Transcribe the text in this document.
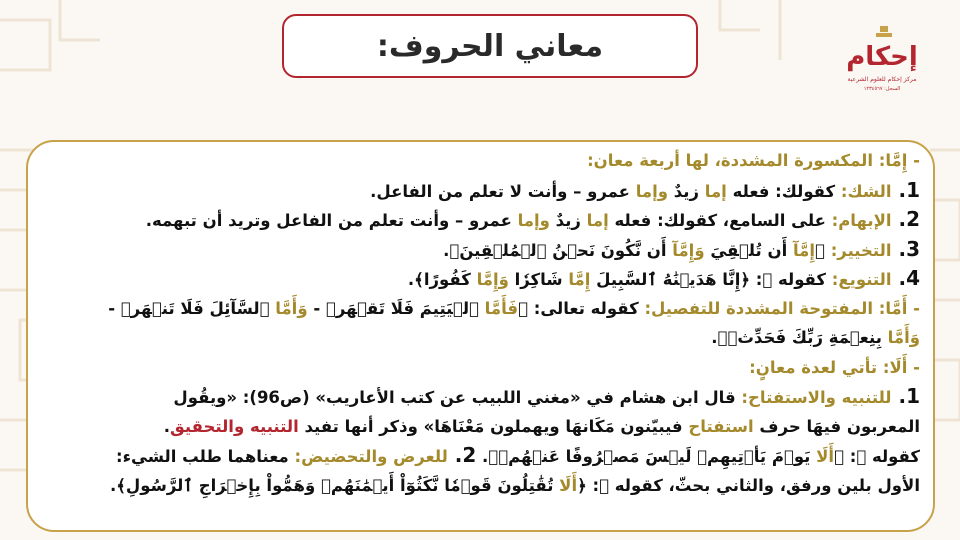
معاني الحروف:	إحكام
مركز إحكام للعلوم الشرعية
السجل: ١٢٣٤٥٦٧
- إِمَّا: المكسورة المشددة، لها أربعة معان:
1. الشك: كقولك: فعله إما زيدٌ وإما عمرو – وأنت لا تعلم من الفاعل.
2. الإبهام: على السامع، كقولك: فعله إما زيدٌ وإما عمرو – وأنت تعلم من الفاعل وتريد أن تبهمه.
3. التخيير: ﴿إِمَّآ أَن تُلۡقِيَ وَإِمَّآ أَن نَّكُونَ نَحۡنُ ٱلۡمُلۡقِينَ﴾.
4. التنويع: كقوله ﷻ: ﴿إِنَّا هَدَيۡنَٰهُ ٱلسَّبِيلَ إِمَّا شَاكِرٗا وَإِمَّا كَفُورًا﴾.
- أَمَّا: المفتوحة المشددة للتفصيل: كقوله تعالى: ﴿فَأَمَّا ٱلۡيَتِيمَ فَلَا تَقۡهَرۡ - وَأَمَّا ٱلسَّآئِلَ فَلَا تَنۡهَرۡ -
وَأَمَّا بِنِعۡمَةِ رَبِّكَ فَحَدِّثۡ﴾.
- أَلَا: تأتي لعدة معانٍ:
1. للتنبيه والاستفتاح: قال ابن هشام في «مغني اللبيب عن كتب الأعاريب» (ص96): «ويقُول
المعربون فيهَا حرف استفتاح فيبيّنون مَكَانهَا ويهملون مَعْنَاهَا» وذكر أنها تفيد التنبيه والتحقيق.
كقوله ﷻ: ﴿أَلَا يَوۡمَ يَأۡتِيهِمۡ لَيۡسَ مَصۡرُوفًا عَنۡهُمۡ﴾. 2. للعرض والتحضيض: معناهما طلب الشيء:
الأول بلين ورفق، والثاني بحثّ، كقوله ﷻ: ﴿أَلَا تُقَٰتِلُونَ قَوۡمٗا نَّكَثُوٓاْ أَيۡمَٰنَهُمۡ وَهَمُّواْ بِإِخۡرَاجِ ٱلرَّسُولِ﴾.
